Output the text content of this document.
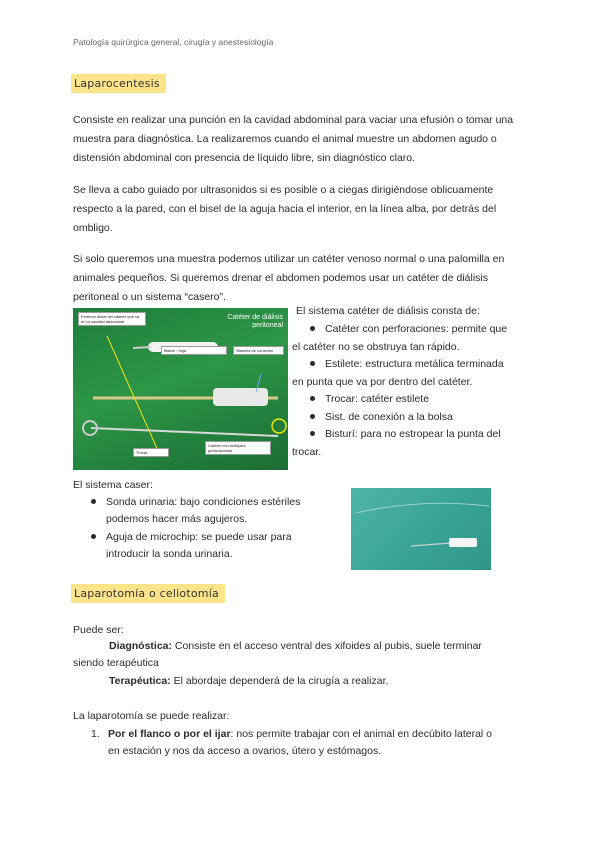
Patología quirúrgica general, cirugía y anestesiología
Laparocentesis
Consiste en realizar una punción en la cavidad abdominal para vaciar una efusión o tomar una muestra para diagnóstica. La realizaremos cuando el animal muestre un abdomen agudo o distensión abdominal con presencia de líquido libre, sin diagnóstico claro.
Se lleva a cabo guiado por ultrasonidos si es posible o a ciegas dirigiéndose oblicuamente respecto a la pared, con el bisel de la aguja hacia el interior, en la línea alba, por detrás del ombligo.
Si solo queremos una muestra podemos utilizar un catéter venoso normal o una palomilla en animales pequeños. Si queremos drenar el abdomen podemos usar un catéter de diálisis peritoneal o un sistema “casero”.
Extremo distal del catéter que va en la cavidad abdominal
Catéter de diálisis peritoneal
Bisturí / hoja	Sistema de conexión
Trocar
Catéter con múltiples perforaciones
El sistema catéter de diálisis consta de:
Catéter con perforaciones: permite que
el catéter no se obstruya tan rápido.
Estilete: estructura metálica terminada
en punta que va por dentro del catéter.
Trocar: catéter estilete
Sist. de conexión a la bolsa
Bisturí: para no estropear la punta del
trocar.
El sistema caser:
Sonda urinaria: bajo condiciones estériles
podemos hacer más agujeros.
Aguja de microchip: se puede usar para
introducir la sonda urinaria.
Laparotomía o celiotomía
Puede ser:
Diagnóstica: Consiste en el acceso ventral des xifoides al pubis, suele terminar
siendo terapéutica
Terapéutica: El abordaje dependerá de la cirugía a realizar.
La laparotomía se puede realizar:
1. Por el flanco o por el ijar: nos permite trabajar con el animal en decúbito lateral o
en estación y nos da acceso a ovarios, útero y estómagos.
